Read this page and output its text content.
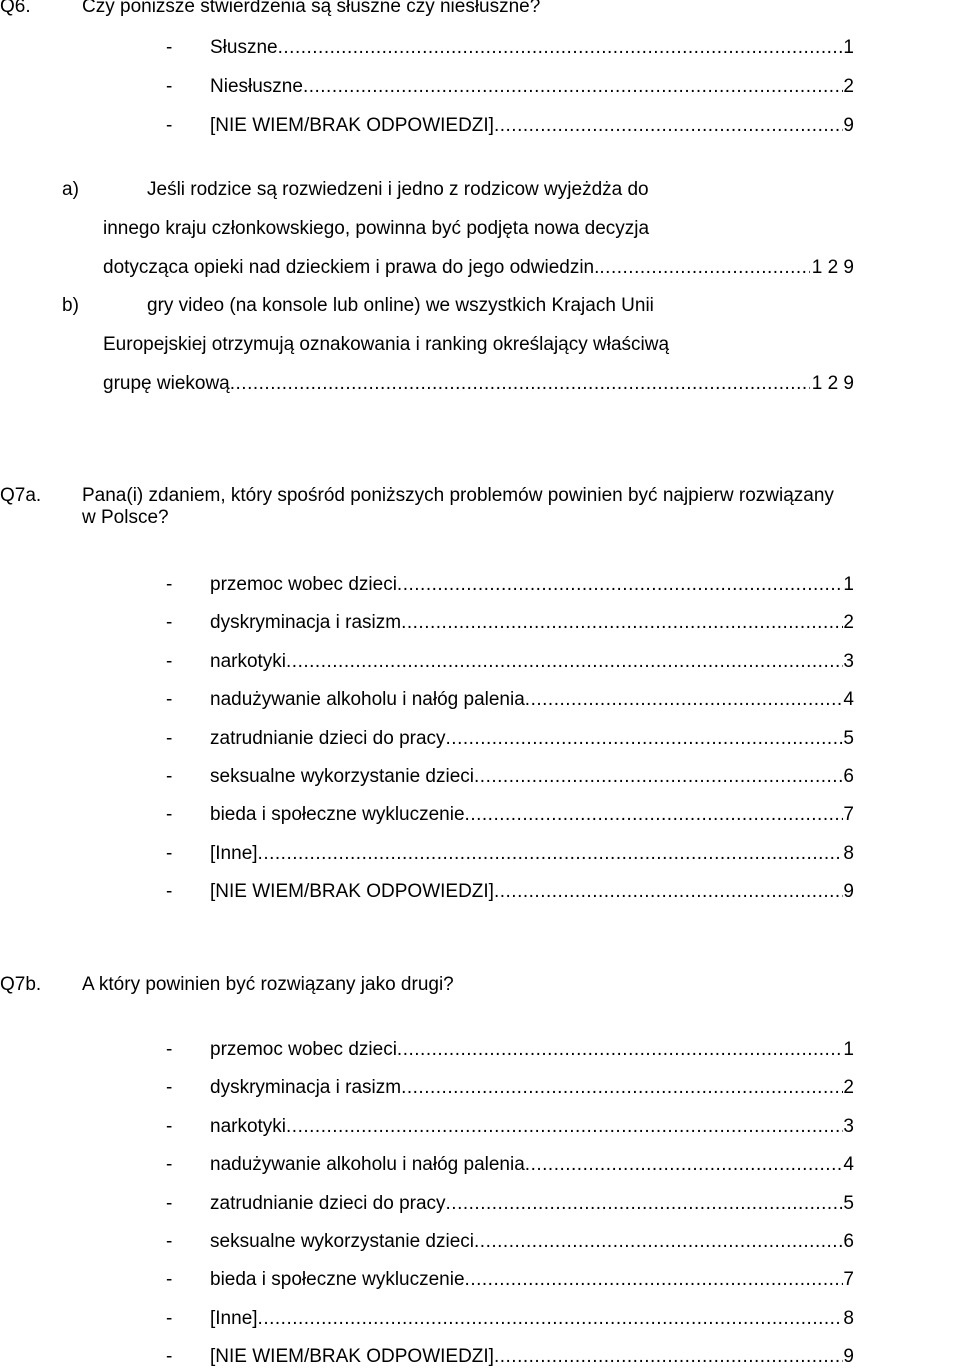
Q6.	Czy poniższe stwierdzenia są słuszne czy niesłuszne?
-	Słuszne .....	1
-	Niesłuszne .....	2
-	[NIE WIEM/BRAK ODPOWIEDZI] .....	9
a)	Jeśli rodzice są rozwiedzeni i jedno z rodzicow wyjeżdża do
innego kraju członkowskiego, powinna być podjęta nowa decyzja
dotycząca opieki nad dzieckiem i prawa do jego odwiedzin. .....	1 2 9
b)	gry video (na konsole lub online) we wszystkich Krajach Unii
Europejskiej otrzymują oznakowania i ranking określający właściwą
grupę wiekową .....	1 2 9
Q7a. Pana(i) zdaniem, który spośród poniższych problemów powinien być najpierw rozwiązany
w Polsce?
-	przemoc wobec dzieci .....	1
-	dyskryminacja i rasizm .....	2
-	narkotyki .....	3
-	nadużywanie alkoholu i nałóg palenia .....	4
-	zatrudnianie dzieci do pracy .....	5
-	seksualne wykorzystanie dzieci .....	6
-	bieda i społeczne wykluczenie .....	7
-	[Inne] .....	8
-	[NIE WIEM/BRAK ODPOWIEDZI] .....	9
Q7b. A który powinien być rozwiązany jako drugi?
-	przemoc wobec dzieci .....	1
-	dyskryminacja i rasizm .....	2
-	narkotyki .....	3
-	nadużywanie alkoholu i nałóg palenia .....	4
-	zatrudnianie dzieci do pracy .....	5
-	seksualne wykorzystanie dzieci .....	6
-	bieda i społeczne wykluczenie .....	7
-	[Inne] .....	8
-	[NIE WIEM/BRAK ODPOWIEDZI] .....	9
